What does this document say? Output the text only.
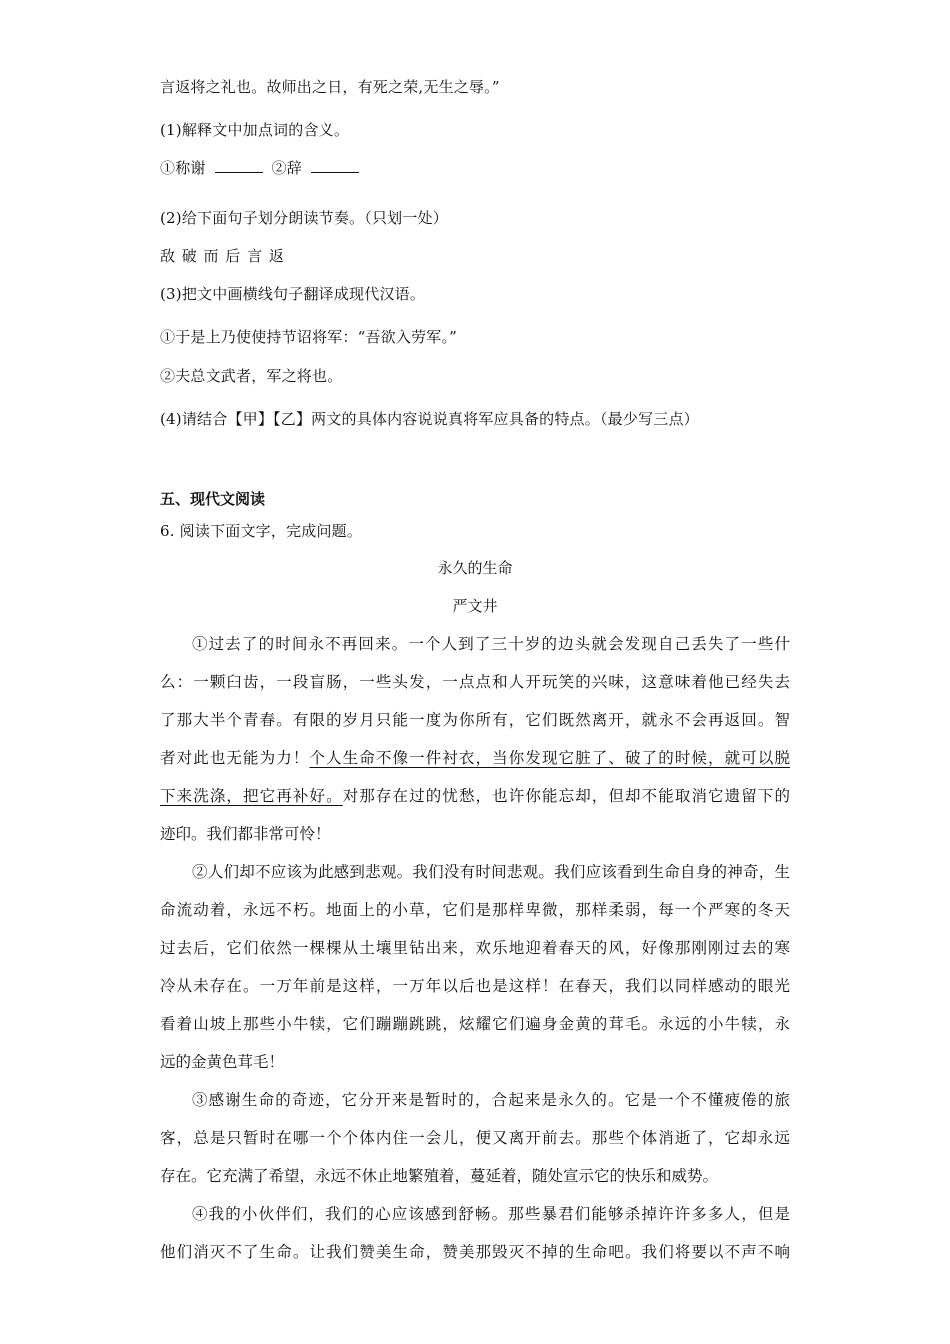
言返将之礼也。故师出之日，有死之荣,无生之辱。”
(1)解释文中加点词的含义。
①称谢	②辞
(2)给下面句子划分朗读节奏。（只划一处）
敌 破 而 后 言 返
(3)把文中画横线句子翻译成现代汉语。
①于是上乃使使持节诏将军：“吾欲入劳军。”
②夫总文武者，军之将也。
(4)请结合【甲】【乙】两文的具体内容说说真将军应具备的特点。（最少写三点）
五、现代文阅读
6. 阅读下面文字，完成问题。
永久的生命
严文井
①过去了的时间永不再回来。一个人到了三十岁的边头就会发现自己丢失了一些什
么：一颗臼齿，一段盲肠，一些头发，一点点和人开玩笑的兴味，这意味着他已经失去
了那大半个青春。有限的岁月只能一度为你所有，它们既然离开，就永不会再返回。智
者对此也无能为力！个人生命不像一件衬衣，当你发现它脏了、破了的时候，就可以脱
下来洗涤，把它再补好。对那存在过的忧愁，也许你能忘却，但却不能取消它遗留下的
迹印。我们都非常可怜！
②人们却不应该为此感到悲观。我们没有时间悲观。我们应该看到生命自身的神奇，生
命流动着，永远不朽。地面上的小草，它们是那样卑微，那样柔弱，每一个严寒的冬天
过去后，它们依然一棵棵从土壤里钻出来，欢乐地迎着春天的风，好像那刚刚过去的寒
冷从未存在。一万年前是这样，一万年以后也是这样！在春天，我们以同样感动的眼光
看着山坡上那些小牛犊，它们蹦蹦跳跳，炫耀它们遍身金黄的茸毛。永远的小牛犊，永
远的金黄色茸毛！
③感谢生命的奇迹，它分开来是暂时的，合起来是永久的。它是一个不懂疲倦的旅
客，总是只暂时在哪一个个体内住一会儿，便又离开前去。那些个体消逝了，它却永远
存在。它充满了希望，永远不休止地繁殖着，蔓延着，随处宣示它的快乐和威势。
④我的小伙伴们，我们的心应该感到舒畅。那些暴君们能够杀掉许许多多人，但是
他们消灭不了生命。让我们赞美生命，赞美那毁灭不掉的生命吧。我们将要以不声不响
